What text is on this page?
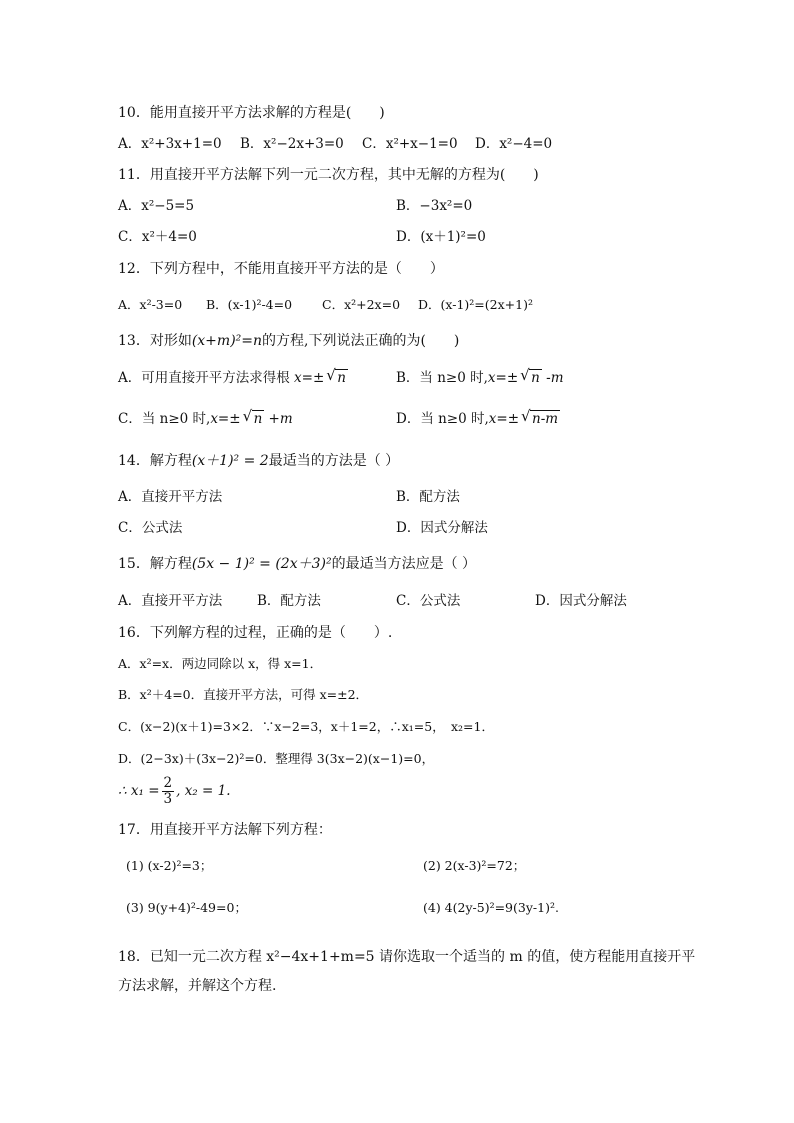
10．能用直接开平方法求解的方程是(　　)
A．x²+3x+1=0 B．x²−2x+3=0 C．x²+x−1=0 D．x²−4=0
11．用直接开平方法解下列一元二次方程，其中无解的方程为(　　)
A．x²−5=5	B．−3x²=0
C．x²＋4=0	D．(x＋1)²=0
12．下列方程中，不能用直接开平方法的是（　　）
A．x²-3=0 B．(x-1)²-4=0 C．x²+2x=0 D．(x-1)²=(2x+1)²
13．对形如(x+m)²=n的方程,下列说法正确的为(　　)
A．可用直接开平方法求得根 x=± √ n	B．当 n≥0 时,x=± √ n -m
C．当 n≥0 时,x=± √ n +m	D．当 n≥0 时,x=± √ n-m
14．解方程(x＋1)² = 2最适当的方法是（ ）
A．直接开平方法	B．配方法
C．公式法	D．因式分解法
15．解方程(5x − 1)² = (2x＋3)²的最适当方法应是（ ）
A．直接开平方法	B．配方法	C．公式法	D．因式分解法
16．下列解方程的过程，正确的是（　　）.
A．x²=x．两边同除以 x，得 x=1．
B．x²＋4=0．直接开平方法，可得 x=±2．
C．(x−2)(x＋1)=3×2．∵x−2=3，x＋1=2，∴x₁=5，　x₂=1．
D．(2−3x)＋(3x−2)²=0．整理得 3(3x−2)(x−1)=0，
∴ $x_1 = \frac{2}{3}$ , x₂ = 1.
17．用直接开平方法解下列方程：
(1) (x-2)²=3；	(2) 2(x-3)²=72；
(3) 9(y+4)²-49=0；	(4) 4(2y-5)²=9(3y-1)².
18．已知一元二次方程 x²−4x+1+m=5 请你选取一个适当的 m 的值，使方程能用直接开平
方法求解，并解这个方程.
